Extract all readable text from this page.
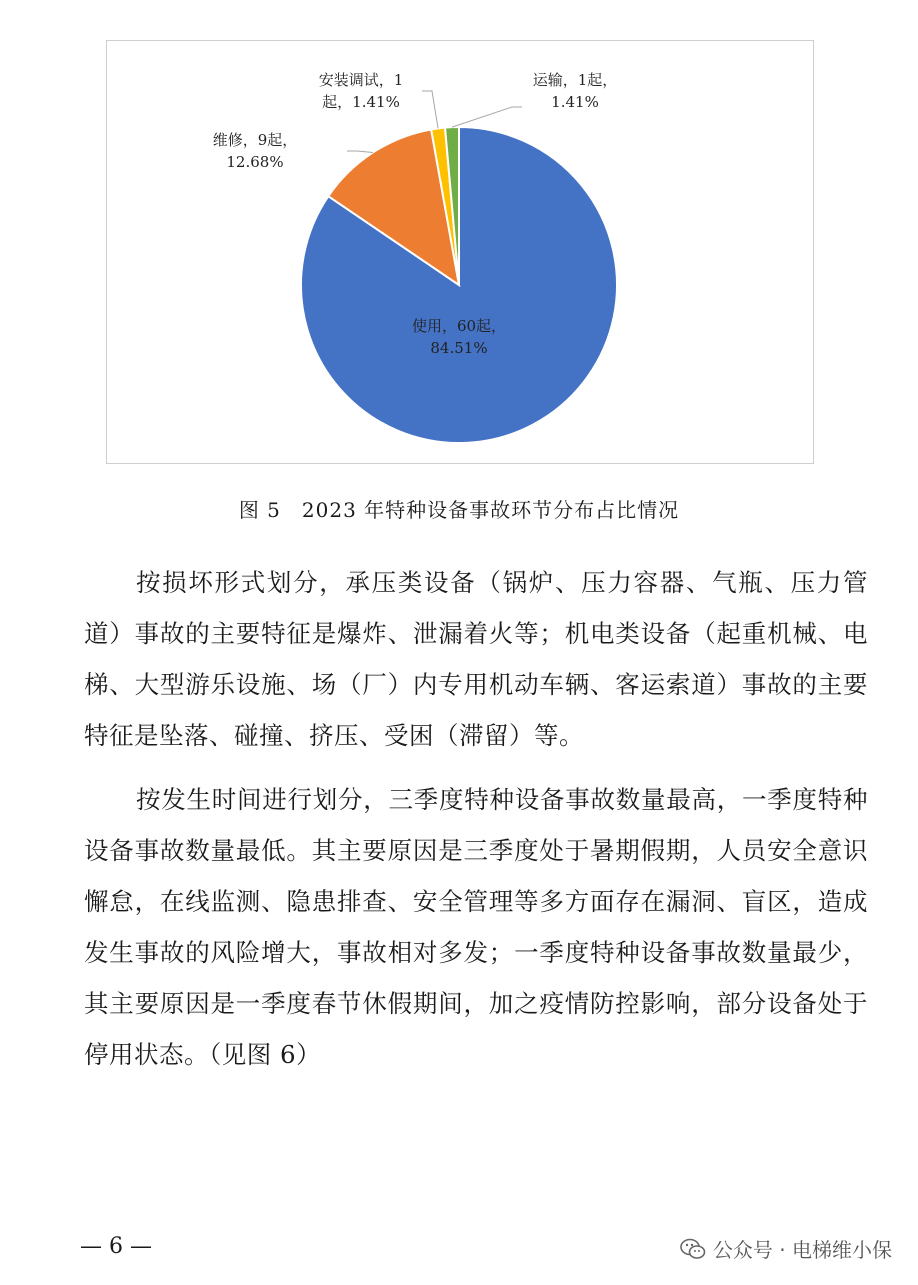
使用，60起，
84.51%
维修，9起，
12.68%
安装调试，1
起，1.41%
运输，1起，
1.41%
图 5　2023 年特种设备事故环节分布占比情况

按损坏形式划分，承压类设备（锅炉、压力容器、气瓶、压力管道）事故的主要特征是爆炸、泄漏着火等；机电类设备（起重机械、电梯、大型游乐设施、场（厂）内专用机动车辆、客运索道）事故的主要特征是坠落、碰撞、挤压、受困（滞留）等。

按发生时间进行划分，三季度特种设备事故数量最高，一季度特种设备事故数量最低。其主要原因是三季度处于暑期假期，人员安全意识懈怠，在线监测、隐患排查、安全管理等多方面存在漏洞、盲区，造成发生事故的风险增大，事故相对多发；一季度特种设备事故数量最少，其主要原因是一季度春节休假期间，加之疫情防控影响，部分设备处于停用状态。（见图 6）

— 6 —	公众号 · 电梯维小保
